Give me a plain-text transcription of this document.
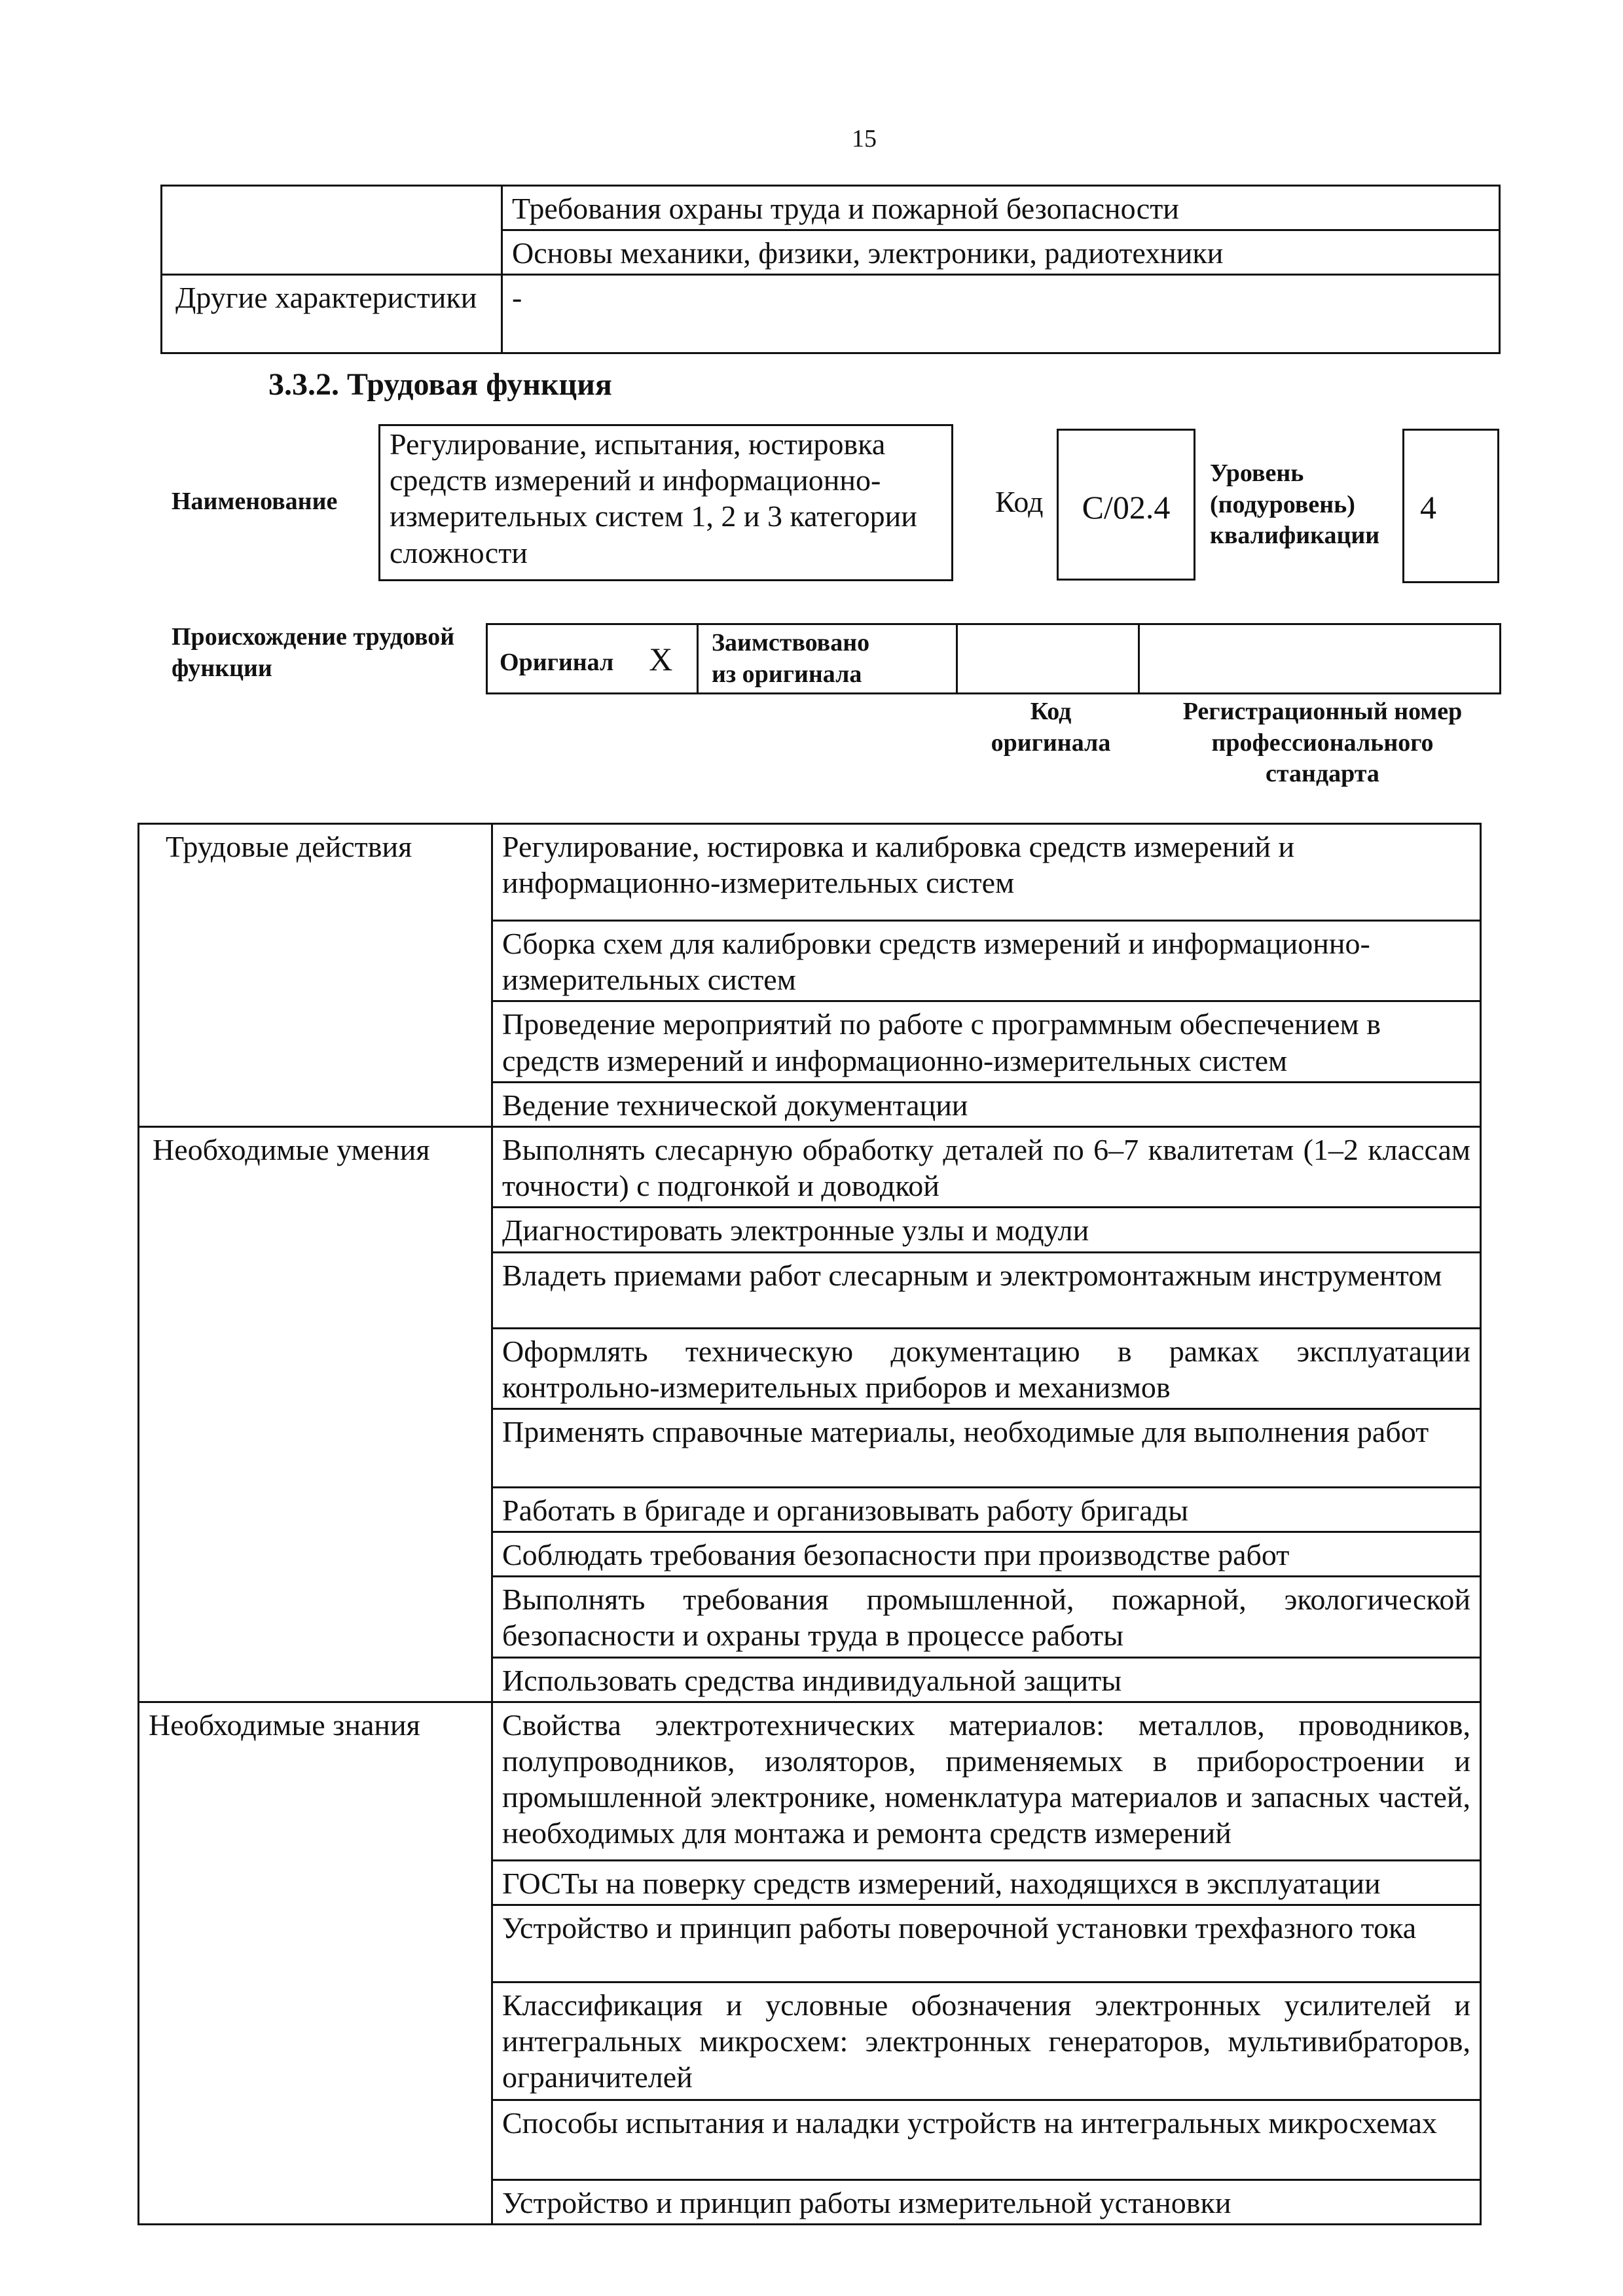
15

	Требования охраны труда и пожарной безопасности

	Основы механики, физики, электроники, радиотехники

Другие характеристики	-
3.3.2. Трудовая функция
Наименование
Регулирование, испытания, юстировка средств измерений и информационно-измерительных систем 1, 2 и 3 категории сложности
Код	С/02.4
Уровень (подуровень) квалификации
4
Происхождение трудовой функции	Оригинал X	Заимствовано из оригинала

Код оригинала
Регистрационный номер профессионального стандарта
Трудовые действия	Регулирование, юстировка и калибровка средств измерений и информационно-измерительных систем

	Сборка схем для калибровки средств измерений и информационно-измерительных систем

	Проведение мероприятий по работе с программным обеспечением в средств измерений и информационно-измерительных систем

	Ведение технической документации

Необходимые умения	Выполнять слесарную обработку деталей по 6–7 квалитетам (1–2 классам точности) с подгонкой и доводкой

	Диагностировать электронные узлы и модули

	Владеть приемами работ слесарным и электромонтажным инструментом

	Оформлять техническую документацию в рамках эксплуатации контрольно-измерительных приборов и механизмов

	Применять справочные материалы, необходимые для выполнения работ

	Работать в бригаде и организовывать работу бригады

	Соблюдать требования безопасности при производстве работ

	Выполнять требования промышленной, пожарной, экологической безопасности и охраны труда в процессе работы

	Использовать средства индивидуальной защиты

Необходимые знания	Свойства электротехнических материалов: металлов, проводников, полупроводников, изоляторов, применяемых в приборостроении и промышленной электронике, номенклатура материалов и запасных частей, необходимых для монтажа и ремонта средств измерений

	ГОСТы на поверку средств измерений, находящихся в эксплуатации

	Устройство и принцип работы поверочной установки трехфазного тока

	Классификация и условные обозначения электронных усилителей и интегральных микросхем: электронных генераторов, мультивибраторов, ограничителей

	Способы испытания и наладки устройств на интегральных микросхемах

	Устройство и принцип работы измерительной установки
